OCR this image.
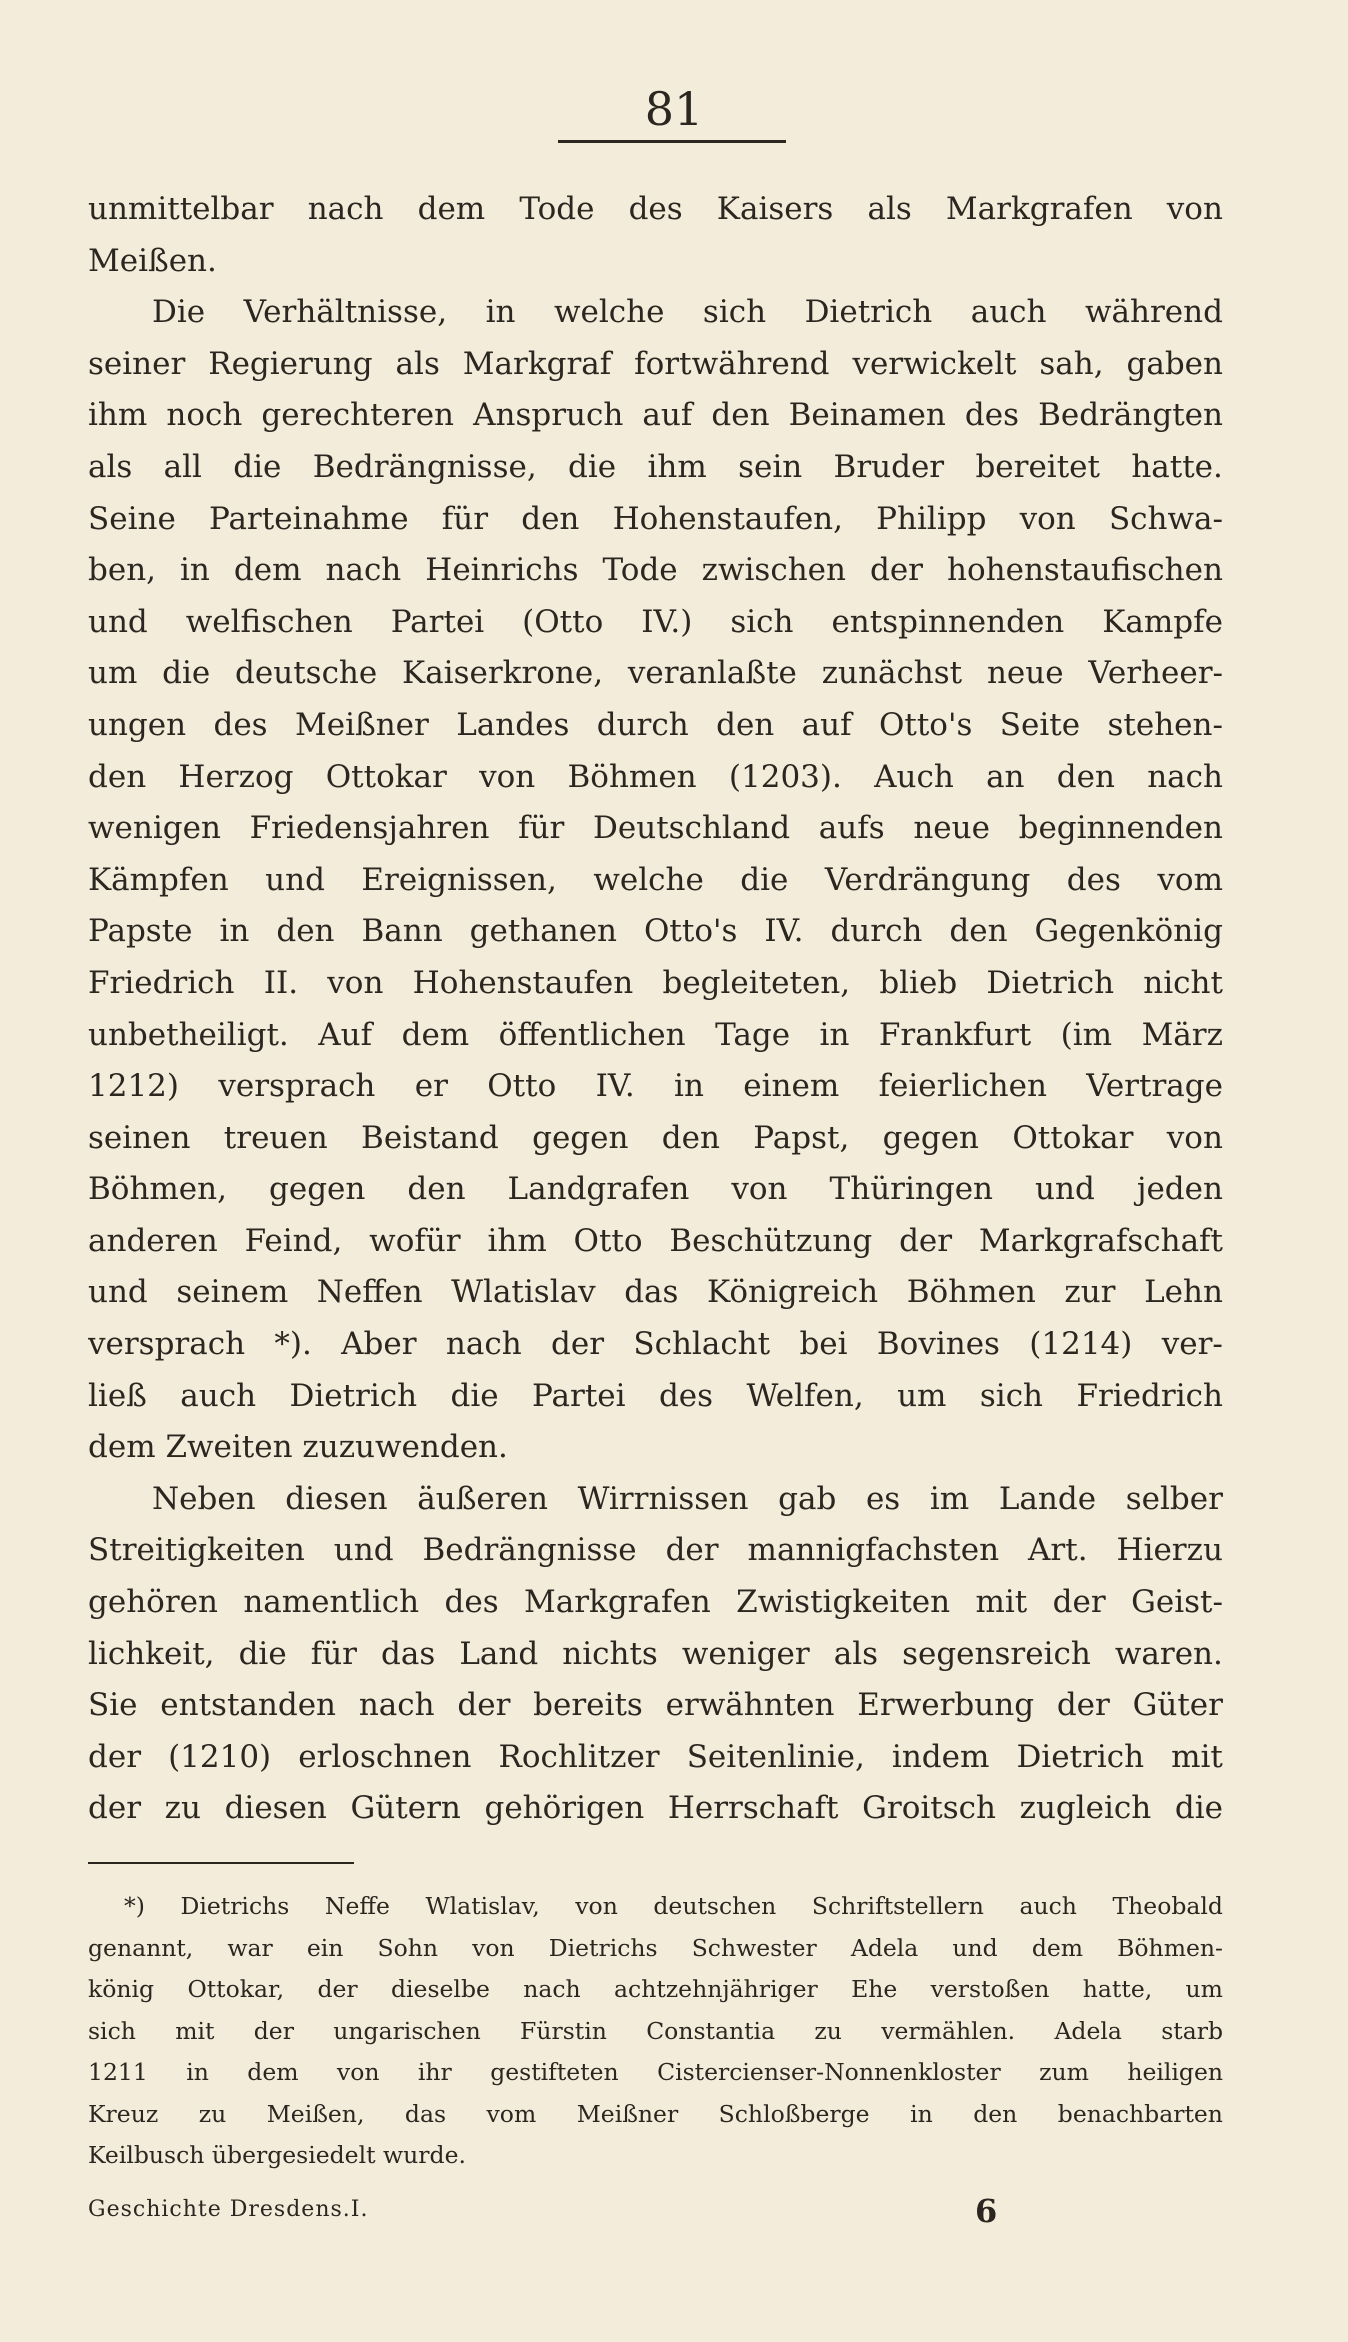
81
unmittelbar nach dem Tode des Kaisers als Markgrafen von
Meißen.
Die Verhältnisse, in welche sich Dietrich auch während
seiner Regierung als Markgraf fortwährend verwickelt sah, gaben
ihm noch gerechteren Anspruch auf den Beinamen des Bedrängten
als all die Bedrängnisse, die ihm sein Bruder bereitet hatte.
Seine Parteinahme für den Hohenstaufen, Philipp von Schwa-
ben, in dem nach Heinrichs Tode zwischen der hohenstaufischen
und welfischen Partei (Otto IV.) sich entspinnenden Kampfe
um die deutsche Kaiserkrone, veranlaßte zunächst neue Verheer-
ungen des Meißner Landes durch den auf Otto's Seite stehen-
den Herzog Ottokar von Böhmen (1203). Auch an den nach
wenigen Friedensjahren für Deutschland aufs neue beginnenden
Kämpfen und Ereignissen, welche die Verdrängung des vom
Papste in den Bann gethanen Otto's IV. durch den Gegenkönig
Friedrich II. von Hohenstaufen begleiteten, blieb Dietrich nicht
unbetheiligt. Auf dem öffentlichen Tage in Frankfurt (im März
1212) versprach er Otto IV. in einem feierlichen Vertrage
seinen treuen Beistand gegen den Papst, gegen Ottokar von
Böhmen, gegen den Landgrafen von Thüringen und jeden
anderen Feind, wofür ihm Otto Beschützung der Markgrafschaft
und seinem Neffen Wlatislav das Königreich Böhmen zur Lehn
versprach *). Aber nach der Schlacht bei Bovines (1214) ver-
ließ auch Dietrich die Partei des Welfen, um sich Friedrich
dem
Zweiten
zuzuwenden.
Neben diesen äußeren Wirrnissen gab es im Lande selber
Streitigkeiten und Bedrängnisse der mannigfachsten Art. Hierzu
gehören namentlich des Markgrafen Zwistigkeiten mit der Geist-
lichkeit, die für das Land nichts weniger als segensreich waren.
Sie entstanden nach der bereits erwähnten Erwerbung der Güter
der (1210) erloschnen Rochlitzer Seitenlinie, indem Dietrich mit
der zu diesen Gütern gehörigen Herrschaft Groitsch zugleich die
*) Dietrichs Neffe Wlatislav, von deutschen Schriftstellern auch Theobald
genannt, war ein Sohn von Dietrichs Schwester Adela und dem Böhmen-
könig Ottokar, der dieselbe nach achtzehnjähriger Ehe verstoßen hatte, um
sich mit der ungarischen Fürstin Constantia zu vermählen. Adela starb
1211 in dem von ihr gestifteten Cistercienser-Nonnenkloster zum heiligen
Kreuz zu Meißen, das vom Meißner Schloßberge in den benachbarten
Keilbusch
übergesiedelt
wurde.
Geschichte Dresdens.I.	6
